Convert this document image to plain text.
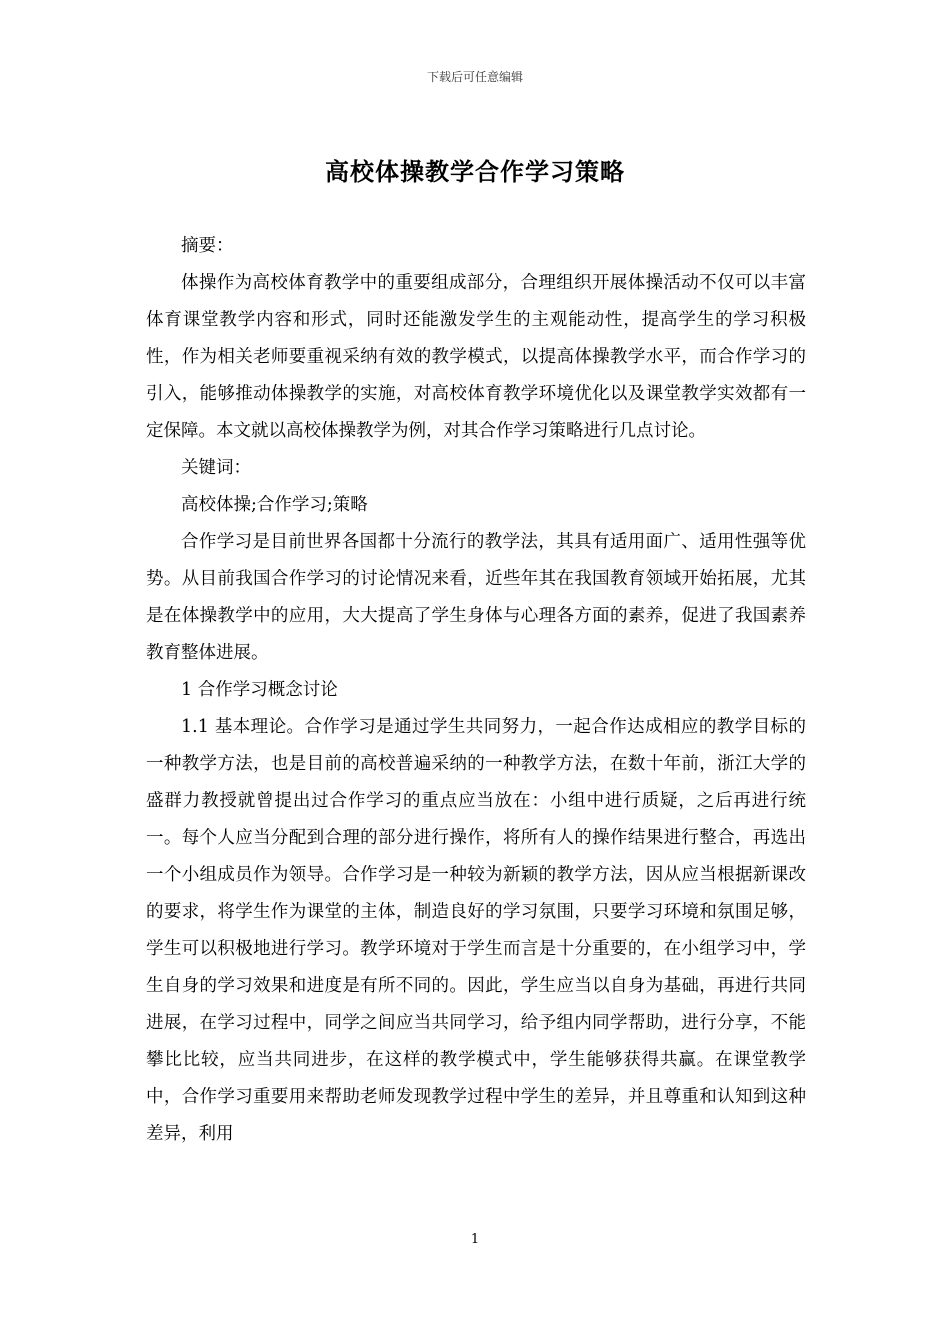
下载后可任意编辑
高校体操教学合作学习策略

摘要：

体操作为高校体育教学中的重要组成部分，合理组织开展体操活动不仅可以丰富体育课堂教学内容和形式，同时还能激发学生的主观能动性，提高学生的学习积极性，作为相关老师要重视采纳有效的教学模式，以提高体操教学水平，而合作学习的引入，能够推动体操教学的实施，对高校体育教学环境优化以及课堂教学实效都有一定保障。本文就以高校体操教学为例，对其合作学习策略进行几点讨论。

关键词：

高校体操;合作学习;策略

合作学习是目前世界各国都十分流行的教学法，其具有适用面广、适用性强等优势。从目前我国合作学习的讨论情况来看，近些年其在我国教育领域开始拓展，尤其是在体操教学中的应用，大大提高了学生身体与心理各方面的素养，促进了我国素养教育整体进展。

1 合作学习概念讨论

1.1 基本理论。合作学习是通过学生共同努力，一起合作达成相应的教学目标的一种教学方法，也是目前的高校普遍采纳的一种教学方法，在数十年前，浙江大学的盛群力教授就曾提出过合作学习的重点应当放在：小组中进行质疑，之后再进行统一。每个人应当分配到合理的部分进行操作，将所有人的操作结果进行整合，再选出一个小组成员作为领导。合作学习是一种较为新颖的教学方法，因从应当根据新课改的要求，将学生作为课堂的主体，制造良好的学习氛围，只要学习环境和氛围足够，学生可以积极地进行学习。教学环境对于学生而言是十分重要的，在小组学习中，学生自身的学习效果和进度是有所不同的。因此，学生应当以自身为基础，再进行共同进展，在学习过程中，同学之间应当共同学习，给予组内同学帮助，进行分享，不能攀比比较，应当共同进步，在这样的教学模式中，学生能够获得共赢。在课堂教学中，合作学习重要用来帮助老师发现教学过程中学生的差异，并且尊重和认知到这种差异，利用

1
